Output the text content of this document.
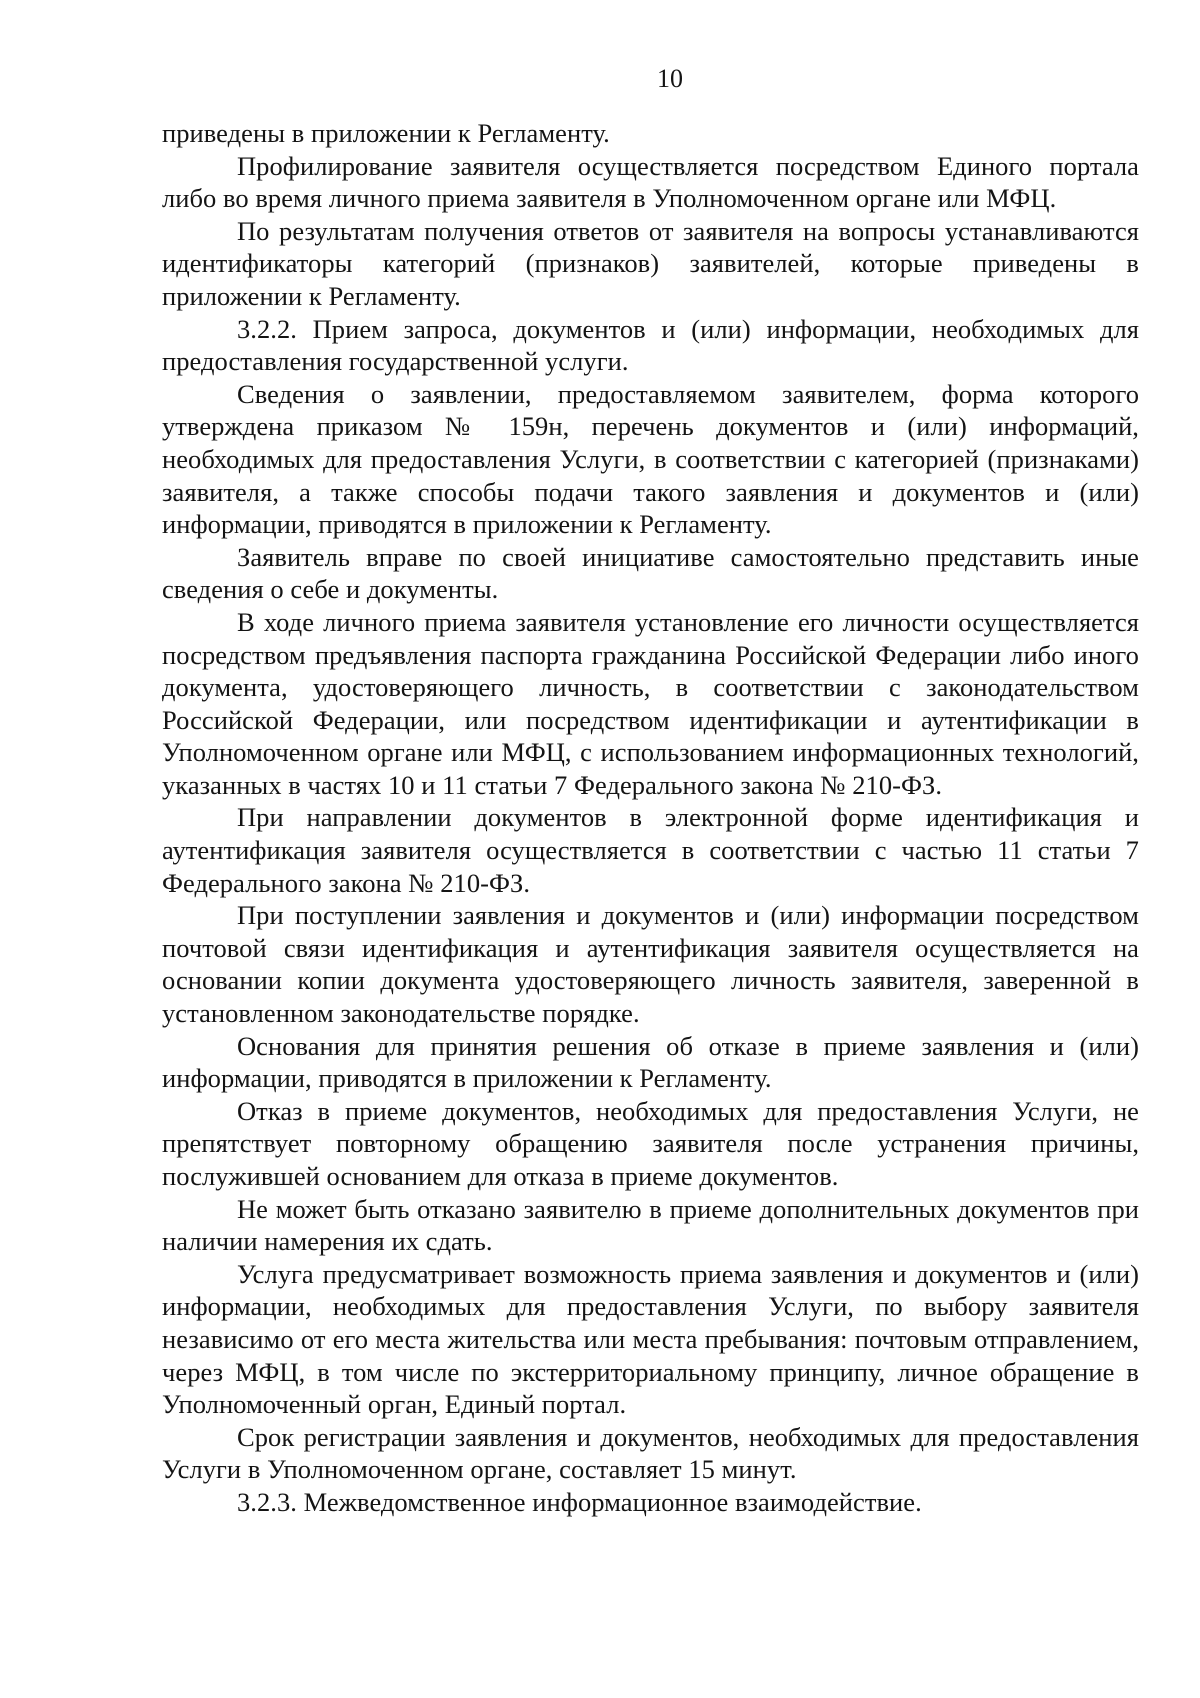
10

приведены в приложении к Регламенту.

Профилирование заявителя осуществляется посредством Единого портала либо во время личного приема заявителя в Уполномоченном органе или МФЦ.

По результатам получения ответов от заявителя на вопросы устанавливаются идентификаторы категорий (признаков) заявителей, которые приведены в приложении к Регламенту.

3.2.2. Прием запроса, документов и (или) информации, необходимых для предоставления государственной услуги.

Сведения о заявлении, предоставляемом заявителем, форма которого утверждена приказом № 159н, перечень документов и (или) информаций, необходимых для предоставления Услуги, в соответствии с категорией (признаками) заявителя, а также способы подачи такого заявления и документов и (или) информации, приводятся в приложении к Регламенту.

Заявитель вправе по своей инициативе самостоятельно представить иные сведения о себе и документы.

В ходе личного приема заявителя установление его личности осуществляется посредством предъявления паспорта гражданина Российской Федерации либо иного документа, удостоверяющего личность, в соответствии с законодательством Российской Федерации, или посредством идентификации и аутентификации в Уполномоченном органе или МФЦ, с использованием информационных технологий, указанных в частях 10 и 11 статьи 7 Федерального закона № 210-ФЗ.

При направлении документов в электронной форме идентификация и аутентификация заявителя осуществляется в соответствии с частью 11 статьи 7 Федерального закона № 210-ФЗ.

При поступлении заявления и документов и (или) информации посредством почтовой связи идентификация и аутентификация заявителя осуществляется на основании копии документа удостоверяющего личность заявителя, заверенной в установленном законодательстве порядке.

Основания для принятия решения об отказе в приеме заявления и (или) информации, приводятся в приложении к Регламенту.

Отказ в приеме документов, необходимых для предоставления Услуги, не препятствует повторному обращению заявителя после устранения причины, послужившей основанием для отказа в приеме документов.

Не может быть отказано заявителю в приеме дополнительных документов при наличии намерения их сдать.

Услуга предусматривает возможность приема заявления и документов и (или) информации, необходимых для предоставления Услуги, по выбору заявителя независимо от его места жительства или места пребывания: почтовым отправлением, через МФЦ, в том числе по экстерриториальному принципу, личное обращение в Уполномоченный орган, Единый портал.

Срок регистрации заявления и документов, необходимых для предоставления Услуги в Уполномоченном органе, составляет 15 минут.

3.2.3. Межведомственное информационное взаимодействие.
